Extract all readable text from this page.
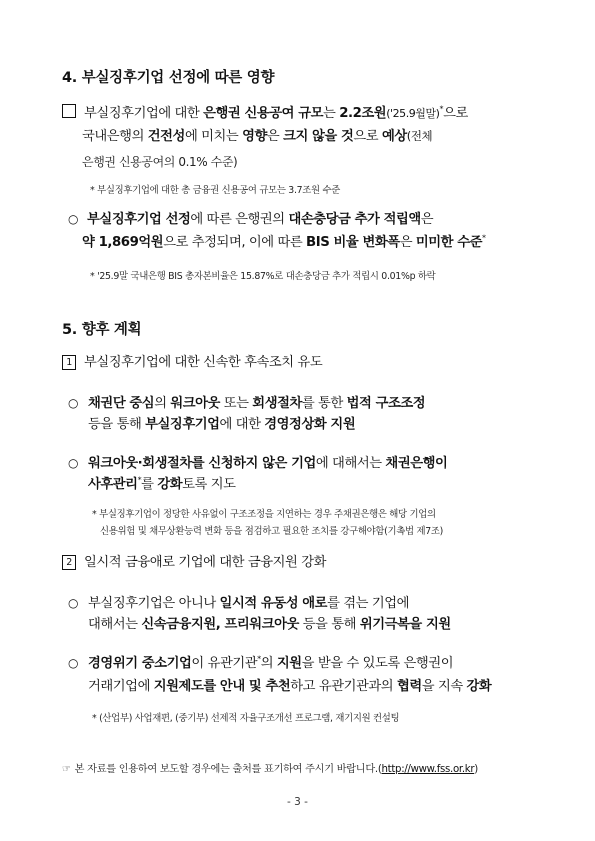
4. 부실징후기업 선정에 따른 영향
부실징후기업에 대한 은행권 신용공여 규모는 2.2조원('25.9월말)*으로
국내은행의 건전성에 미치는 영향은 크지 않을 것으로 예상(전체
은행권 신용공여의 0.1% 수준)
* 부실징후기업에 대한 총 금융권 신용공여 규모는 3.7조원 수준
○ 부실징후기업 선정에 따른 은행권의 대손충당금 추가 적립액은
약 1,869억원으로 추정되며, 이에 따른 BIS 비율 변화폭은 미미한 수준*
* '25.9말 국내은행 BIS 총자본비율은 15.87%로 대손충당금 추가 적립시 0.01%p 하락
5. 향후 계획
1 부실징후기업에 대한 신속한 후속조치 유도
○ 채권단 중심의 워크아웃 또는 회생절차를 통한 법적 구조조정
등을 통해 부실징후기업에 대한 경영정상화 지원
○ 워크아웃·회생절차를 신청하지 않은 기업에 대해서는 채권은행이
사후관리*를 강화토록 지도
* 부실징후기업이 정당한 사유없이 구조조정을 지연하는 경우 주채권은행은 해당 기업의
신용위험 및 채무상환능력 변화 등을 점검하고 필요한 조치를 강구해야함(기촉법 제7조)
2 일시적 금융애로 기업에 대한 금융지원 강화
○ 부실징후기업은 아니나 일시적 유동성 애로를 겪는 기업에
대해서는 신속금융지원, 프리워크아웃 등을 통해 위기극복을 지원
○ 경영위기 중소기업이 유관기관*의 지원을 받을 수 있도록 은행권이
거래기업에 지원제도를 안내 및 추천하고 유관기관과의 협력을 지속 강화
* (산업부) 사업재편, (중기부) 선제적 자율구조개선 프로그램, 재기지원 컨설팅
☞ 본 자료를 인용하여 보도할 경우에는 출처를 표기하여 주시기 바랍니다.(http://www.fss.or.kr)
- 3 -
